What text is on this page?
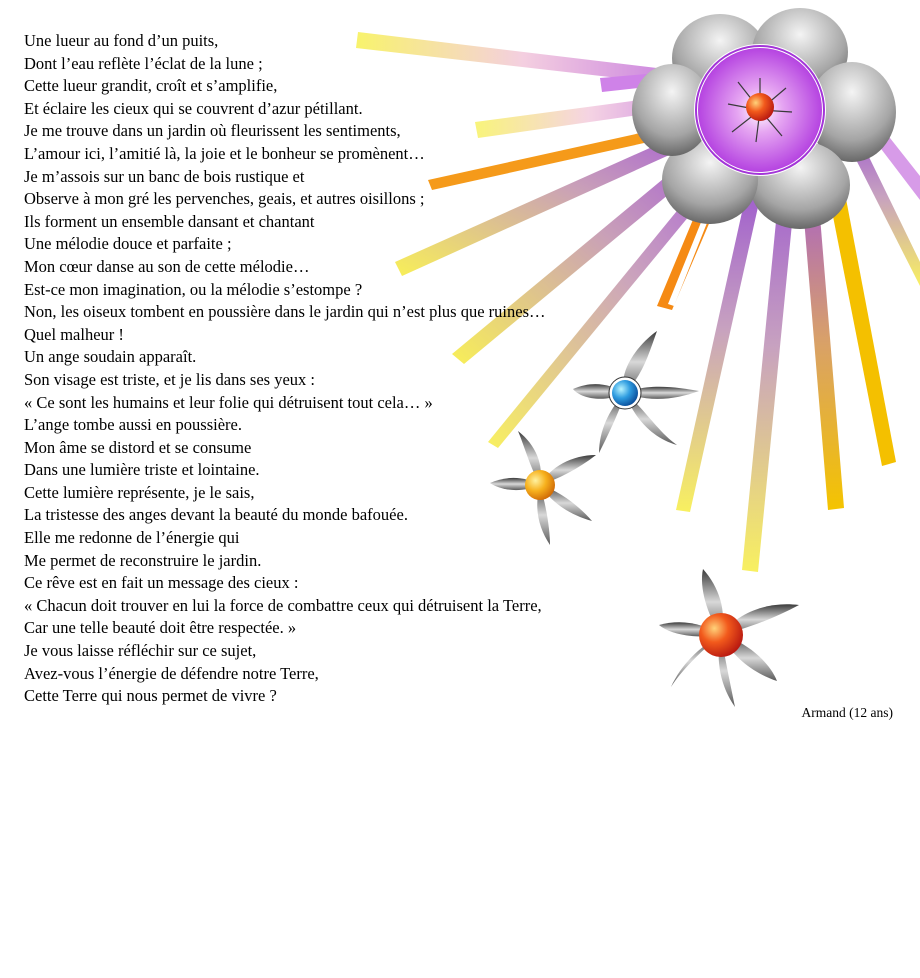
Une lueur au fond d’un puits,
Dont l’eau reflète l’éclat de la lune ;
Cette lueur grandit, croît et s’amplifie,
Et éclaire les cieux qui se couvrent d’azur pétillant.
Je me trouve dans un jardin où fleurissent les sentiments,
L’amour ici, l’amitié là, la joie et le bonheur se promènent…
Je m’assois sur un banc de bois rustique et
Observe à mon gré les pervenches, geais, et autres oisillons ;
Ils forment un ensemble dansant et chantant
Une mélodie douce et parfaite ;
Mon cœur danse au son de cette mélodie…
Est-ce mon imagination, ou la mélodie s’estompe ?
Non, les oiseux tombent en poussière dans le jardin qui n’est plus que ruines…
Quel malheur !
Un ange soudain apparaît.
Son visage est triste, et je lis dans ses yeux :
« Ce sont les humains et leur folie qui détruisent tout cela… »
L’ange tombe aussi en poussière.
Mon âme se distord et se consume
Dans une lumière triste et lointaine.
Cette lumière représente, je le sais,
La tristesse des anges devant la beauté du monde bafouée.
Elle me redonne de l’énergie qui
Me permet de reconstruire le jardin.
Ce rêve est en fait un message des cieux :
« Chacun doit trouver en lui la force de combattre ceux qui détruisent la Terre,
Car une telle beauté doit être respectée. »
Je vous laisse réfléchir sur ce sujet,
Avez-vous l’énergie de défendre notre Terre,
Cette Terre qui nous permet de vivre ?
Armand (12 ans)
